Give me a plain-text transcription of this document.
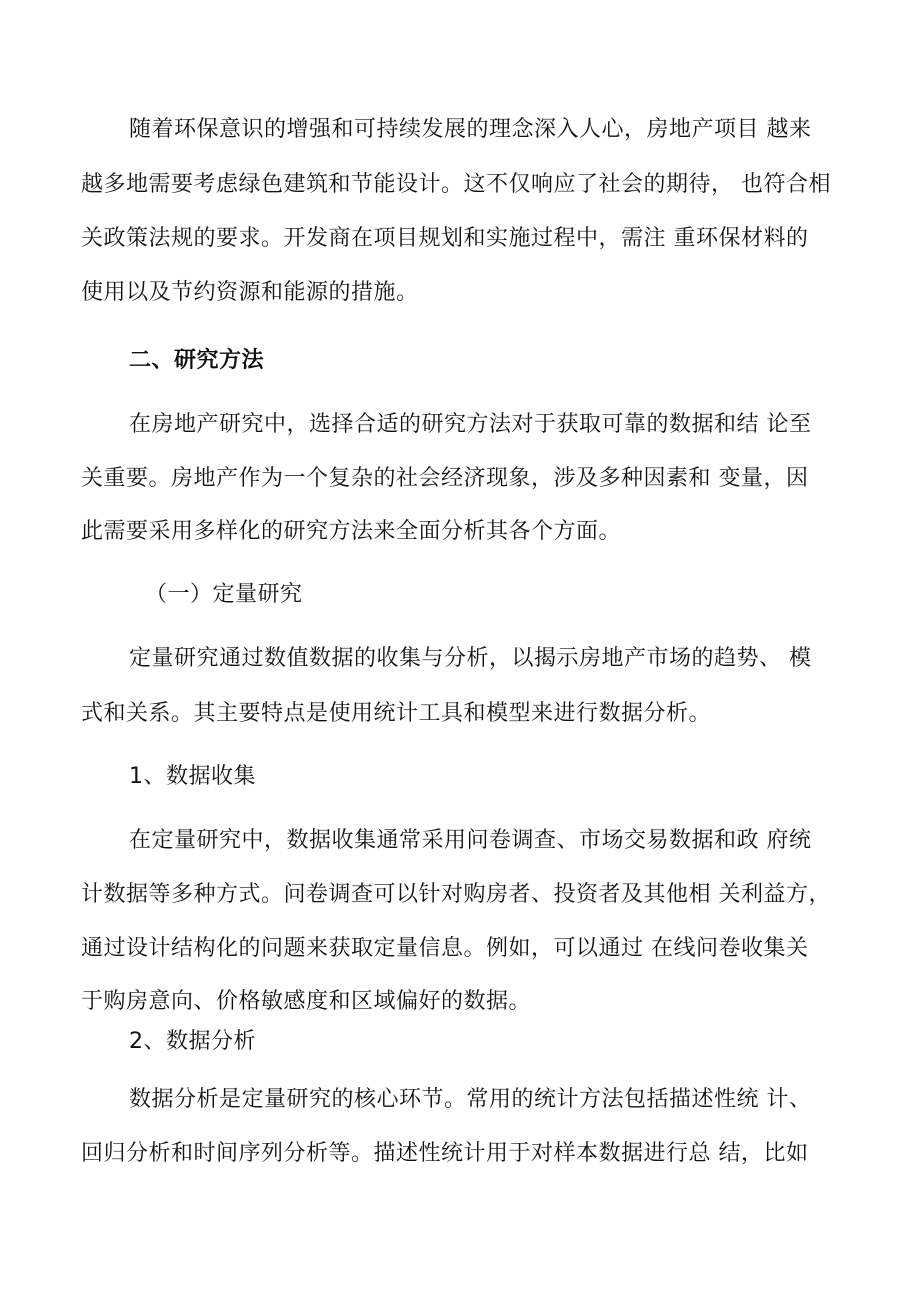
随着环保意识的增强和可持续发展的理念深入人心，房地产项目 越来
越多地需要考虑绿色建筑和节能设计。这不仅响应了社会的期待， 也符合相
关政策法规的要求。开发商在项目规划和实施过程中，需注 重环保材料的
使用以及节约资源和能源的措施。
二、研究方法
在房地产研究中，选择合适的研究方法对于获取可靠的数据和结 论至
关重要。房地产作为一个复杂的社会经济现象，涉及多种因素和 变量，因
此需要采用多样化的研究方法来全面分析其各个方面。
（一）定量研究
定量研究通过数值数据的收集与分析，以揭示房地产市场的趋势、 模
式和关系。其主要特点是使用统计工具和模型来进行数据分析。
1、数据收集
在定量研究中，数据收集通常采用问卷调查、市场交易数据和政 府统
计数据等多种方式。问卷调查可以针对购房者、投资者及其他相 关利益方，
通过设计结构化的问题来获取定量信息。例如，可以通过 在线问卷收集关
于购房意向、价格敏感度和区域偏好的数据。
2、数据分析
数据分析是定量研究的核心环节。常用的统计方法包括描述性统 计、
回归分析和时间序列分析等。描述性统计用于对样本数据进行总 结，比如
